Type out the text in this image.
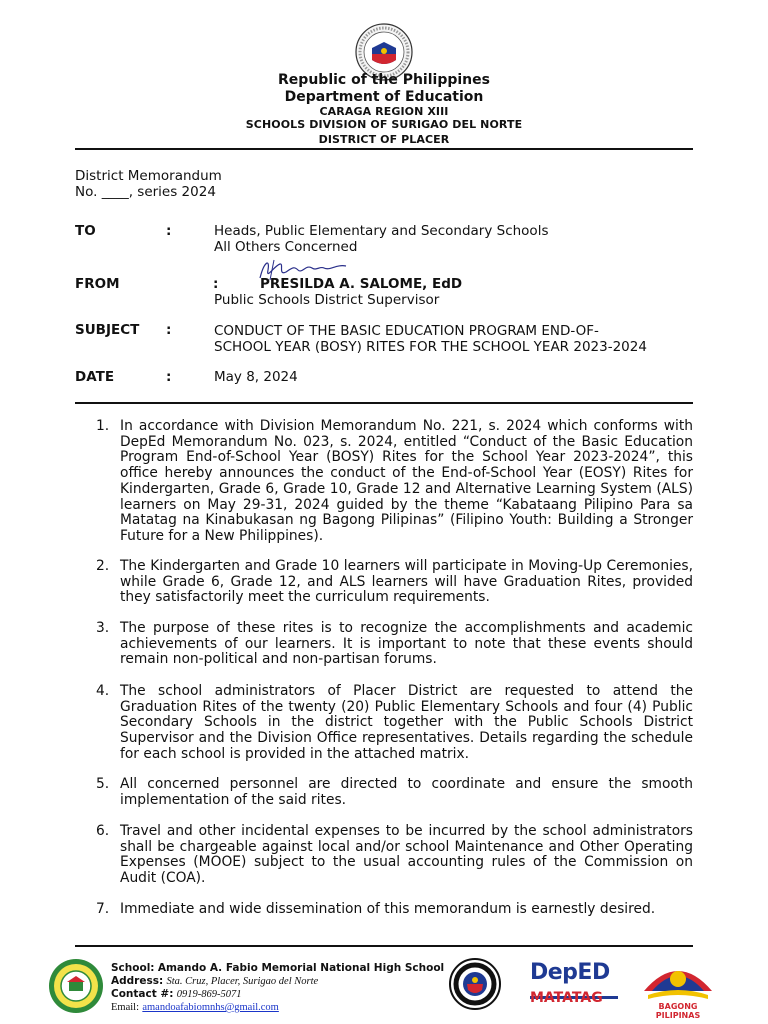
Republic of the Philippines
Department of Education
CARAGA REGION XIII
SCHOOLS DIVISION OF SURIGAO DEL NORTE
DISTRICT OF PLACER
District Memorandum
No. ____, series 2024
TO	:	Heads, Public Elementary and Secondary Schools
All Others Concerned
FROM	:	PRESILDA A. SALOME, EdD
Public Schools District Supervisor
SUBJECT :	CONDUCT OF THE BASIC EDUCATION PROGRAM END-OF-
SCHOOL YEAR (BOSY) RITES FOR THE SCHOOL YEAR 2023-2024
DATE	:	May 8, 2024
1. In accordance with Division Memorandum No. 221, s. 2024 which conforms with DepEd Memorandum No. 023, s. 2024, entitled “Conduct of the Basic Education Program End-of-School Year (BOSY) Rites for the School Year 2023-2024”, this office hereby announces the conduct of the End-of-School Year (EOSY) Rites for Kindergarten, Grade 6, Grade 10, Grade 12 and Alternative Learning System (ALS) learners on May 29-31, 2024 guided by the theme “Kabataang Pilipino Para sa Matatag na Kinabukasan ng Bagong Pilipinas” (Filipino Youth: Building a Stronger Future for a New Philippines).
2. The Kindergarten and Grade 10 learners will participate in Moving-Up Ceremonies, while Grade 6, Grade 12, and ALS learners will have Graduation Rites, provided they satisfactorily meet the curriculum requirements.
3. The purpose of these rites is to recognize the accomplishments and academic achievements of our learners. It is important to note that these events should remain non-political and non-partisan forums.
4. The school administrators of Placer District are requested to attend the Graduation Rites of the twenty (20) Public Elementary Schools and four (4) Public Secondary Schools in the district together with the Public Schools District Supervisor and the Division Office representatives. Details regarding the schedule for each school is provided in the attached matrix.
5. All concerned personnel are directed to coordinate and ensure the smooth implementation of the said rites.
6. Travel and other incidental expenses to be incurred by the school administrators shall be chargeable against local and/or school Maintenance and Other Operating Expenses (MOOE) subject to the usual accounting rules of the Commission on Audit (COA).
7. Immediate and wide dissemination of this memorandum is earnestly desired.
School: Amando A. Fabio Memorial National High School
Address: Sta. Cruz, Placer, Surigao del Norte
Contact #: 0919-869-5071
Email: amandoafabiomnhs@gmail.com
DepED
MATATAG
BAGONG PILIPINAS
